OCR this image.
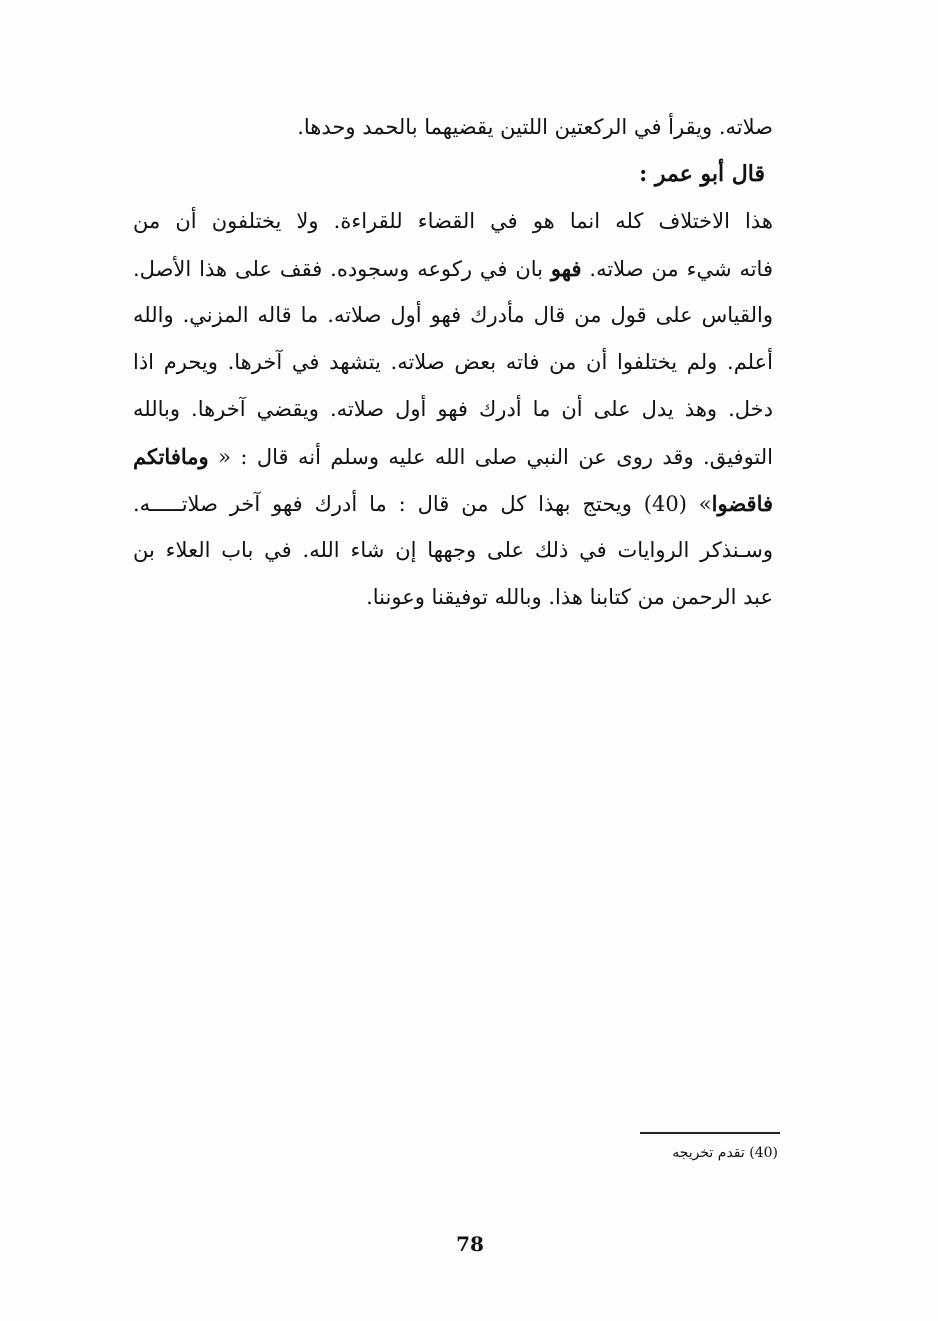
صلاته. ويقرأ في الركعتين اللتين يقضيهما بالحمد وحدها.
قال أبو عمر :
هذا الاختلاف كله انما هو في القضاء للقراءة. ولا يختلفون أن من
فاته شيء من صلاته. فهو بان في ركوعه وسجوده. فقف على هذا الأصل.
والقياس على قول من قال مأدرك فهو أول صلاته. ما قاله المزني. والله
أعلم. ولم يختلفوا أن من فاته بعض صلاته. يتشهد في آخرها. ويحرم اذا
دخل. وهذ يدل على أن ما أدرك فهو أول صلاته. ويقضي آخرها. وبالله
التوفيق. وقد روى عن النبي صلى الله عليه وسلم أنه قال : « ومافاتكم
فاقضوا» (40) ويحتج بهذا كل من قال : ما أدرك فهو آخر صلاتـــــه.
وسـنذكر الروايات في ذلك على وجهها إن شاء الله. في باب العلاء بن
عبد الرحمن من كتابنا هذا. وبالله توفيقنا وعوننا.
(40) تقدم تخريجه
78
